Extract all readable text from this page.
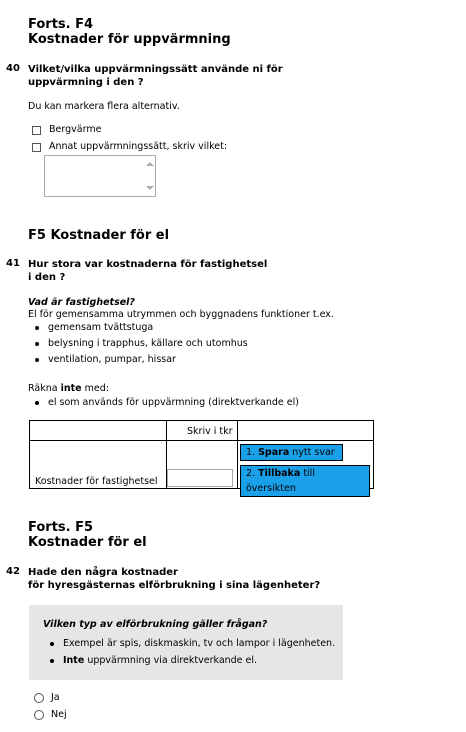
Forts. F4
Kostnader för uppvärmning
40 Vilket/vilka uppvärmningssätt använde ni för
uppvärmning i den ?
Du kan markera flera alternativ.
Bergvärme
Annat uppvärmningssätt, skriv vilket:
F5 Kostnader för el
41 Hur stora var kostnaderna för fastighetsel
i den ?
Vad är fastighetsel?
El för gemensamma utrymmen och byggnadens funktioner t.ex.
gemensam tvättstuga
belysning i trapphus, källare och utomhus
ventilation, pumpar, hissar
Räkna inte med:
el som används för uppvärmning (direktverkande el)
Skriv i tkr
Kostnader för fastighetsel
1. Spara nytt svar
2. Tillbaka till översikten
Forts. F5
Kostnader för el
42 Hade den några kostnader
för hyresgästernas elförbrukning i sina lägenheter?
Vilken typ av elförbrukning gäller frågan?
Exempel är spis, diskmaskin, tv och lampor i lägenheten.
Inte uppvärmning via direktverkande el.
Ja
Nej
